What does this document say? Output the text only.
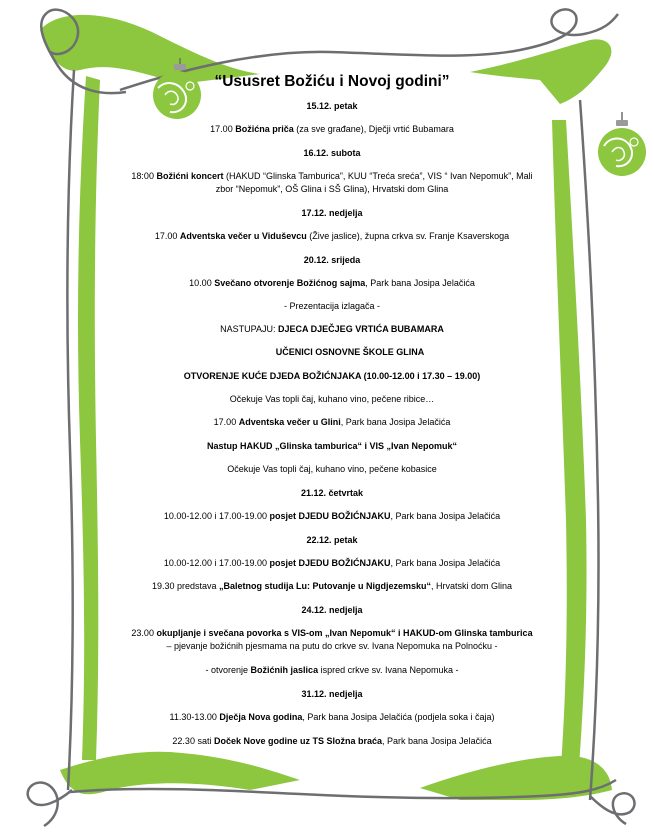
“Ususret Božiću i Novoj godini”
15.12. petak
17.00 Božićna priča (za sve građane), Dječji vrtić Bubamara
16.12. subota
18:00 Božićni koncert (HAKUD “Glinska Tamburica”, KUU “Treća sreća”, VIS “ Ivan Nepomuk”, Mali
zbor “Nepomuk”, OŠ Glina i SŠ Glina), Hrvatski dom Glina
17.12. nedjelja
17.00 Adventska večer u Viduševcu (Žive jaslice), župna crkva sv. Franje Ksaverskoga
20.12. srijeda
10.00 Svečano otvorenje Božićnog sajma, Park bana Josipa Jelačića
- Prezentacija izlagača -
NASTUPAJU: DJECA DJEČJEG VRTIĆA BUBAMARA
UČENICI OSNOVNE ŠKOLE GLINA
OTVORENJE KUĆE DJEDA BOŽIĆNJAKA (10.00-12.00 i 17.30 – 19.00)
Očekuje Vas topli čaj, kuhano vino, pečene ribice…
17.00 Adventska večer u Glini, Park bana Josipa Jelačića
Nastup HAKUD „Glinska tamburica“ i VIS „Ivan Nepomuk“
Očekuje Vas topli čaj, kuhano vino, pečene kobasice
21.12. četvrtak
10.00-12.00 i 17.00-19.00 posjet DJEDU BOŽIĆNJAKU, Park bana Josipa Jelačića
22.12. petak
10.00-12.00 i 17.00-19.00 posjet DJEDU BOŽIĆNJAKU, Park bana Josipa Jelačića
19.30 predstava „Baletnog studija Lu: Putovanje u Nigdjezemsku“, Hrvatski dom Glina
24.12. nedjelja
23.00 okupljanje i svečana povorka s VIS-om „Ivan Nepomuk“ i HAKUD-om Glinska tamburica
– pjevanje božićnih pjesmama na putu do crkve sv. Ivana Nepomuka na Polnoćku -
- otvorenje Božićnih jaslica ispred crkve sv. Ivana Nepomuka -
31.12. nedjelja
11.30-13.00 Dječja Nova godina, Park bana Josipa Jelačića (podjela soka i čaja)
22.30 sati Doček Nove godine uz TS Složna braća, Park bana Josipa Jelačića
